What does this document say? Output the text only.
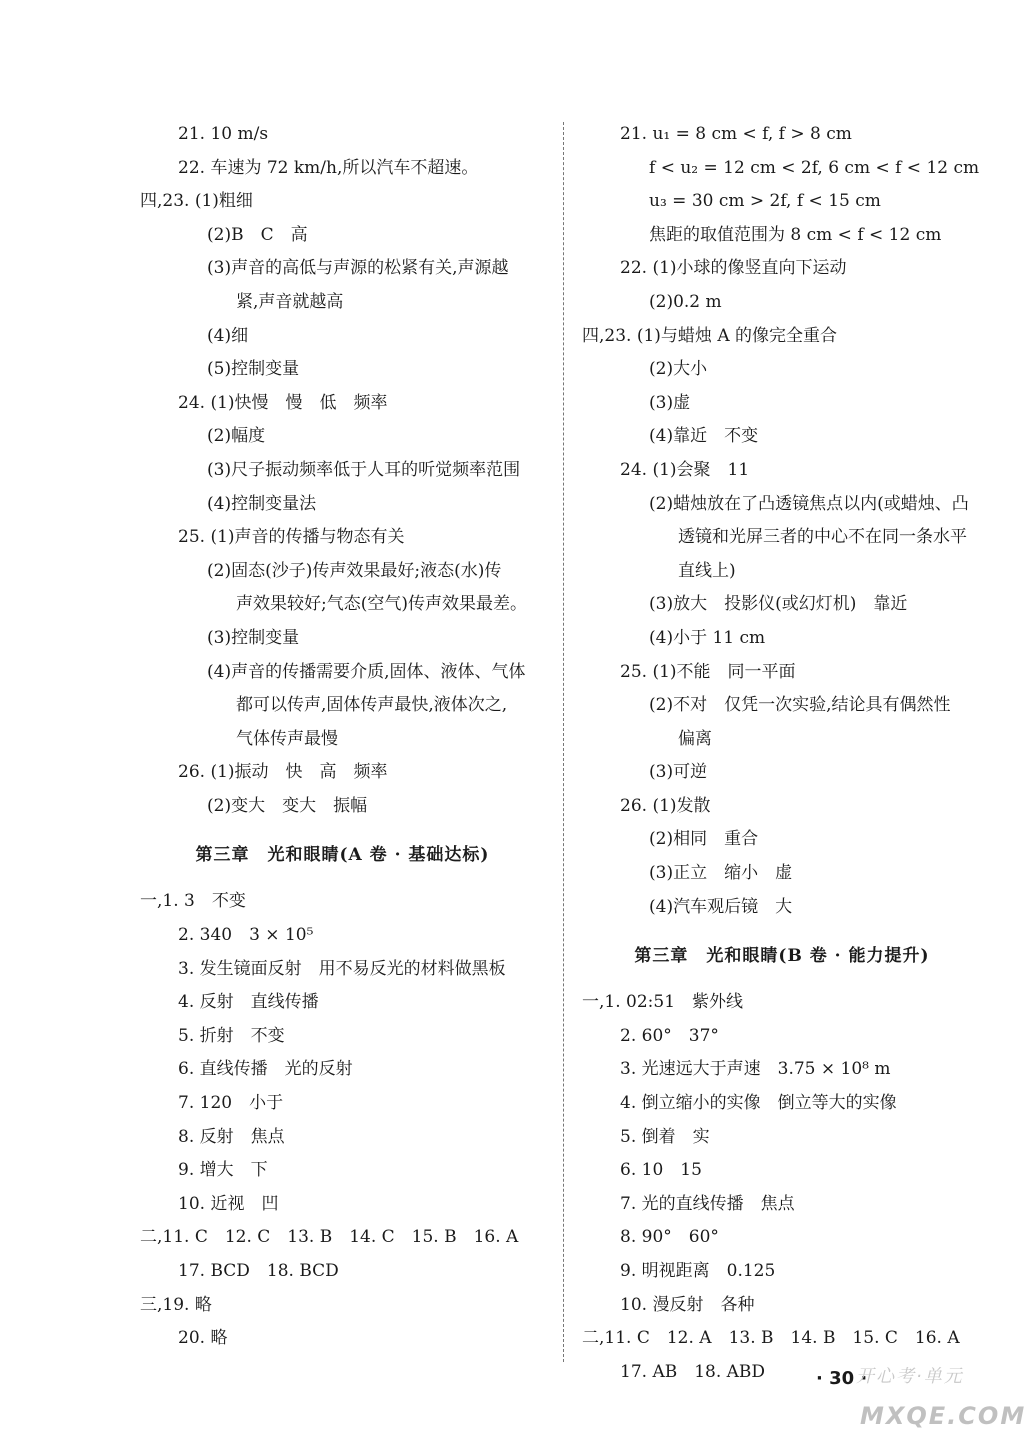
21. 10 m/s
22. 车速为 72 km/h,所以汽车不超速。
四,23. (1)粗细
(2)B　C　高
(3)声音的高低与声源的松紧有关,声源越
紧,声音就越高
(4)细
(5)控制变量
24. (1)快慢　慢　低　频率
(2)幅度
(3)尺子振动频率低于人耳的听觉频率范围
(4)控制变量法
25. (1)声音的传播与物态有关
(2)固态(沙子)传声效果最好;液态(水)传
声效果较好;气态(空气)传声效果最差。
(3)控制变量
(4)声音的传播需要介质,固体、液体、气体
都可以传声,固体传声最快,液体次之,
气体传声最慢
26. (1)振动　快　高　频率
(2)变大　变大　振幅
第三章　光和眼睛(A 卷 · 基础达标)
一,1. 3　不变
2. 340　3 × 10⁵
3. 发生镜面反射　用不易反光的材料做黑板
4. 反射　直线传播
5. 折射　不变
6. 直线传播　光的反射
7. 120　小于
8. 反射　焦点
9. 增大　下
10. 近视　凹
二,11. C　12. C　13. B　14. C　15. B　16. A
17. BCD　18. BCD
三,19. 略
20. 略
21. u₁ = 8 cm < f, f > 8 cm
f < u₂ = 12 cm < 2f, 6 cm < f < 12 cm
u₃ = 30 cm > 2f, f < 15 cm
焦距的取值范围为 8 cm < f < 12 cm
22. (1)小球的像竖直向下运动
(2)0.2 m
四,23. (1)与蜡烛 A 的像完全重合
(2)大小
(3)虚
(4)靠近　不变
24. (1)会聚　11
(2)蜡烛放在了凸透镜焦点以内(或蜡烛、凸
透镜和光屏三者的中心不在同一条水平
直线上)
(3)放大　投影仪(或幻灯机)　靠近
(4)小于 11 cm
25. (1)不能　同一平面
(2)不对　仅凭一次实验,结论具有偶然性
偏离
(3)可逆
26. (1)发散
(2)相同　重合
(3)正立　缩小　虚
(4)汽车观后镜　大
第三章　光和眼睛(B 卷 · 能力提升)
一,1. 02:51　紫外线
2. 60°　37°
3. 光速远大于声速　3.75 × 10⁸ m
4. 倒立缩小的实像　倒立等大的实像
5. 倒着　实
6. 10　15
7. 光的直线传播　焦点
8. 90°　60°
9. 明视距离　0.125
10. 漫反射　各种
二,11. C　12. A　13. B　14. B　15. C　16. A
17. AB　18. ABD	· 30 ·
开心考·单元
MXQE.COM
